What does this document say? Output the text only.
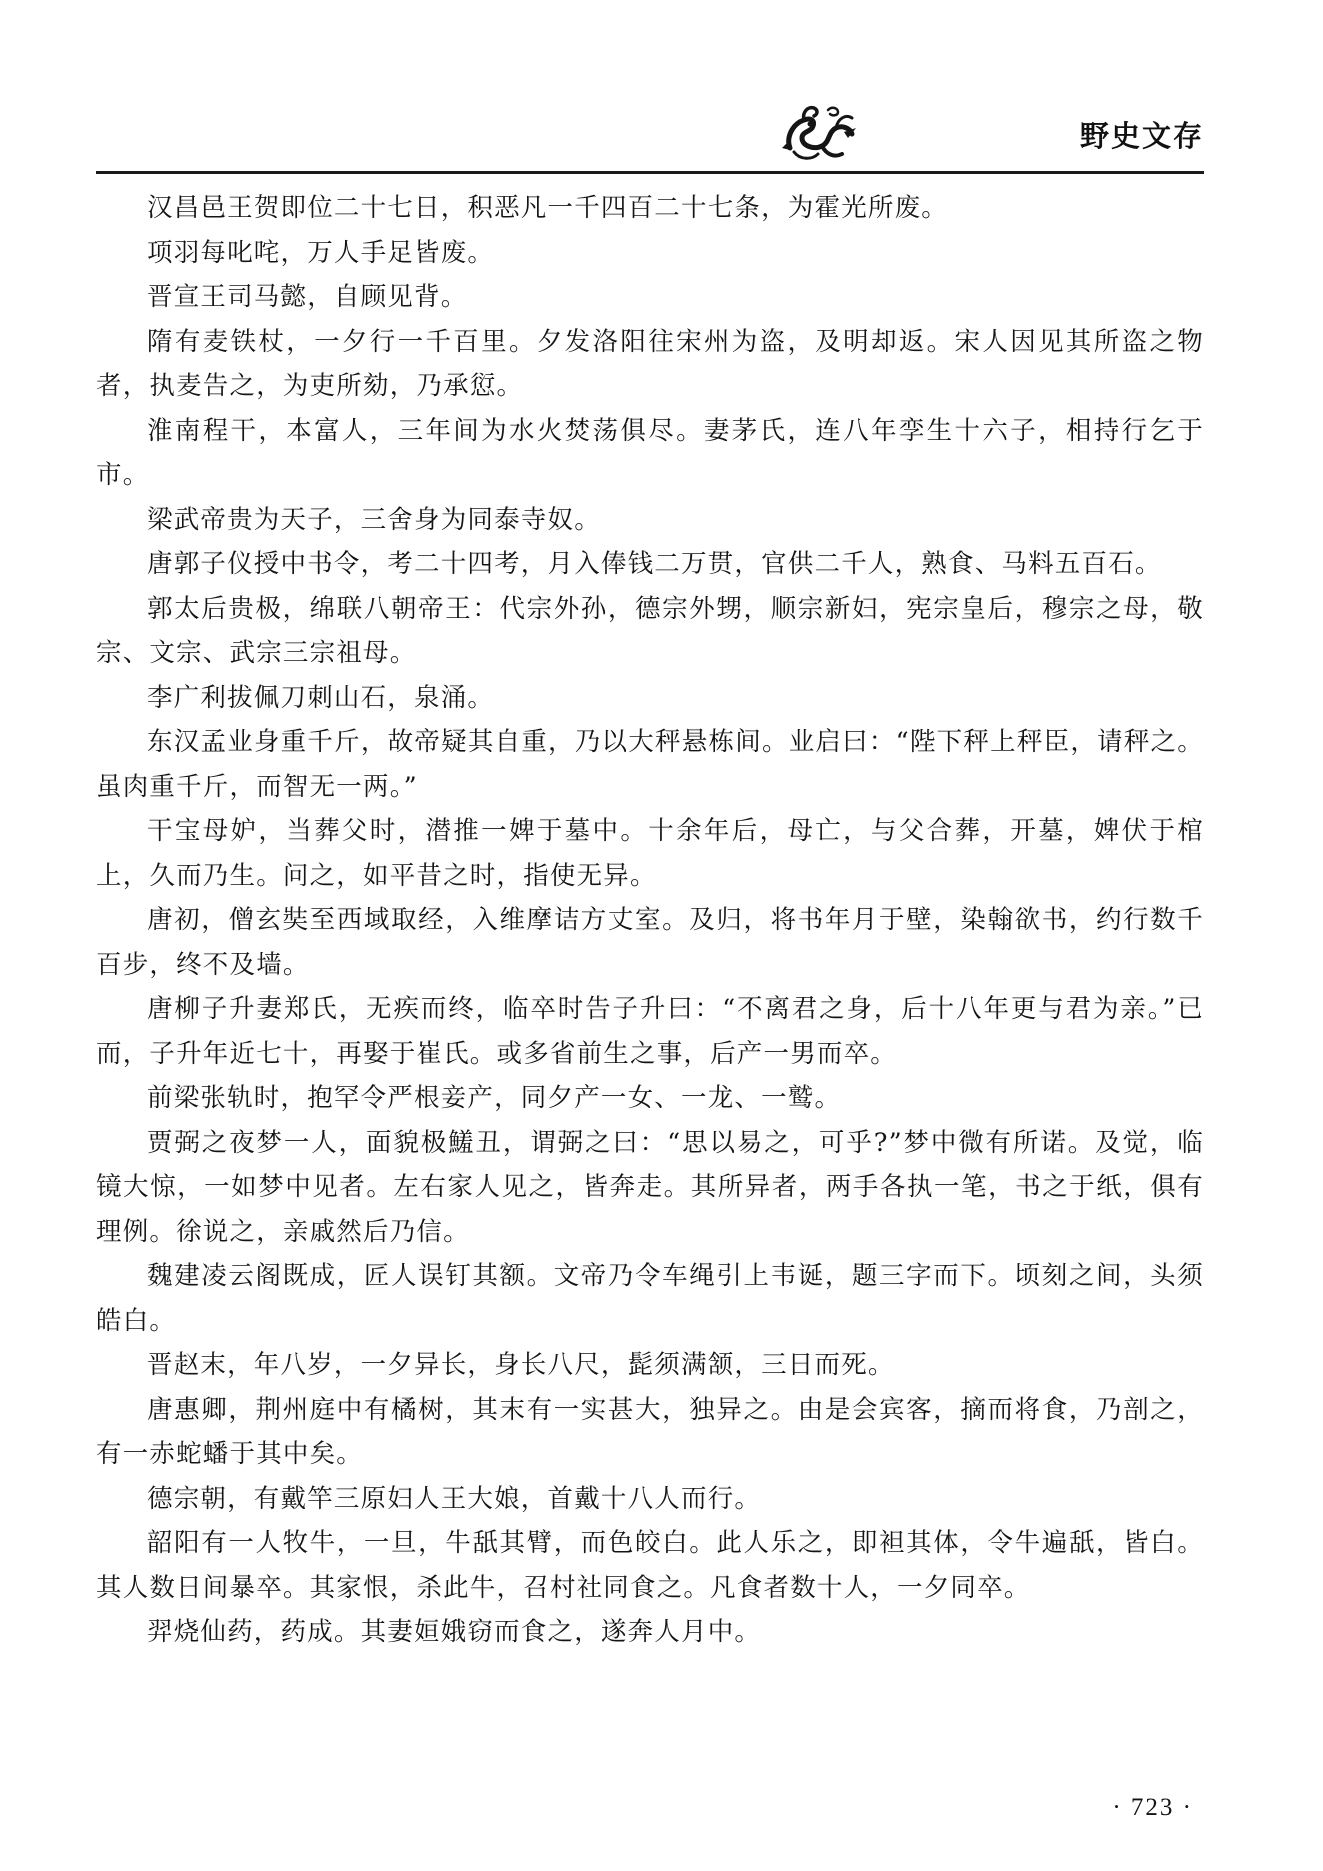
野史文存

汉昌邑王贺即位二十七日，积恶凡一千四百二十七条，为霍光所废。

项羽每叱咤，万人手足皆废。

晋宣王司马懿，自顾见背。

隋有麦铁杖，一夕行一千百里。夕发洛阳往宋州为盗，及明却返。宋人因见其所盗之物者，执麦告之，为吏所劾，乃承愆。

淮南程干，本富人，三年间为水火焚荡俱尽。妻茅氏，连八年孪生十六子，相持行乞于市。

梁武帝贵为天子，三舍身为同泰寺奴。

唐郭子仪授中书令，考二十四考，月入俸钱二万贯，官供二千人，熟食、马料五百石。

郭太后贵极，绵联八朝帝王：代宗外孙，德宗外甥，顺宗新妇，宪宗皇后，穆宗之母，敬宗、文宗、武宗三宗祖母。

李广利拔佩刀刺山石，泉涌。

东汉孟业身重千斤，故帝疑其自重，乃以大秤悬栋间。业启曰：“陛下秤上秤臣，请秤之。虽肉重千斤，而智无一两。”

干宝母妒，当葬父时，潜推一婢于墓中。十余年后，母亡，与父合葬，开墓，婢伏于棺上，久而乃生。问之，如平昔之时，指使无异。

唐初，僧玄奘至西域取经，入维摩诘方丈室。及归，将书年月于壁，染翰欲书，约行数千百步，终不及墙。

唐柳子升妻郑氏，无疾而终，临卒时告子升曰：“不离君之身，后十八年更与君为亲。”已而，子升年近七十，再娶于崔氏。或多省前生之事，后产一男而卒。

前梁张轨时，抱罕令严根妾产，同夕产一女、一龙、一鹫。

贾弼之夜梦一人，面貌极鱃丑，谓弼之曰：“思以易之，可乎?”梦中微有所诺。及觉，临镜大惊，一如梦中见者。左右家人见之，皆奔走。其所异者，两手各执一笔，书之于纸，俱有理例。徐说之，亲戚然后乃信。

魏建凌云阁既成，匠人误钉其额。文帝乃令车绳引上韦诞，题三字而下。顷刻之间，头须皓白。

晋赵末，年八岁，一夕异长，身长八尺，髭须满颔，三日而死。

唐惠卿，荆州庭中有橘树，其末有一实甚大，独异之。由是会宾客，摘而将食，乃剖之，有一赤蛇蟠于其中矣。

德宗朝，有戴竿三原妇人王大娘，首戴十八人而行。

韶阳有一人牧牛，一旦，牛舐其臂，而色皎白。此人乐之，即袒其体，令牛遍舐，皆白。其人数日间暴卒。其家恨，杀此牛，召村社同食之。凡食者数十人，一夕同卒。

羿烧仙药，药成。其妻姮娥窃而食之，遂奔人月中。

· 723 ·
